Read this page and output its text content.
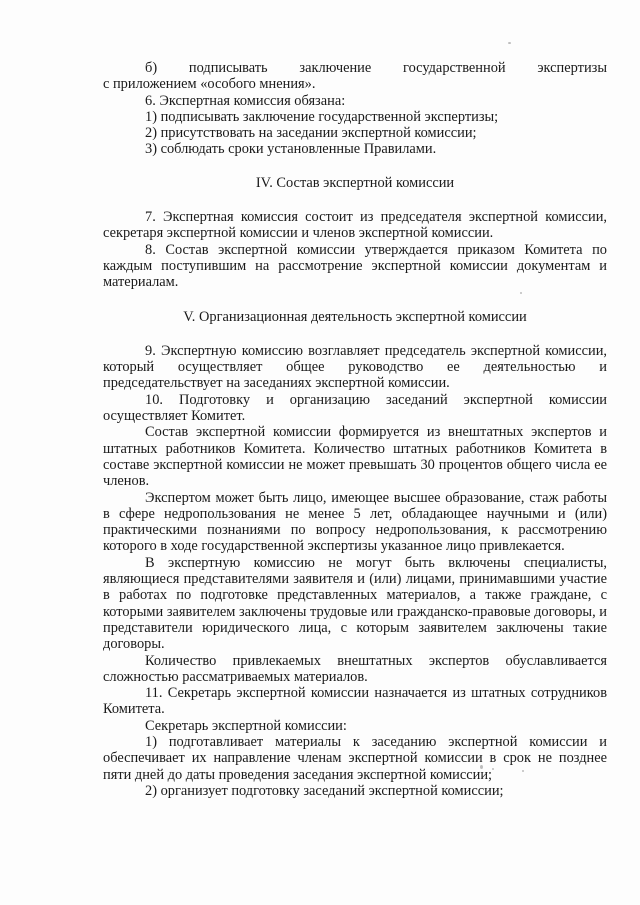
б) подписывать заключение государственной экспертизы

с приложением «особого мнения».

6. Экспертная комиссия обязана:

1) подписывать заключение государственной экспертизы;

2) присутствовать на заседании экспертной комиссии;

3) соблюдать сроки установленные Правилами.

IV. Состав экспертной комиссии

7. Экспертная комиссия состоит из председателя экспертной комиссии, секретаря экспертной комиссии и членов экспертной комиссии.

8. Состав экспертной комиссии утверждается приказом Комитета по каждым поступившим на рассмотрение экспертной комиссии документам и материалам.

V. Организационная деятельность экспертной комиссии

9. Экспертную комиссию возглавляет председатель экспертной комиссии, который осуществляет общее руководство ее деятельностью и председательствует на заседаниях экспертной комиссии.

10. Подготовку и организацию заседаний экспертной комиссии осуществляет Комитет.

Состав экспертной комиссии формируется из внештатных экспертов и штатных работников Комитета. Количество штатных работников Комитета в составе экспертной комиссии не может превышать 30 процентов общего числа ее членов.

Экспертом может быть лицо, имеющее высшее образование, стаж работы в сфере недропользования не менее 5 лет, обладающее научными и (или) практическими познаниями по вопросу недропользования, к рассмотрению которого в ходе государственной экспертизы указанное лицо привлекается.

В экспертную комиссию не могут быть включены специалисты, являющиеся представителями заявителя и (или) лицами, принимавшими участие в работах по подготовке представленных материалов, а также граждане, с которыми заявителем заключены трудовые или гражданско-правовые договоры, и представители юридического лица, с которым заявителем заключены такие договоры.

Количество привлекаемых внештатных экспертов обуславливается сложностью рассматриваемых материалов.

11. Секретарь экспертной комиссии назначается из штатных сотрудников Комитета.

Секретарь экспертной комиссии:

1) подготавливает материалы к заседанию экспертной комиссии и обеспечивает их направление членам экспертной комиссии в срок не позднее пяти дней до даты проведения заседания экспертной комиссии;

2) организует подготовку заседаний экспертной комиссии;
